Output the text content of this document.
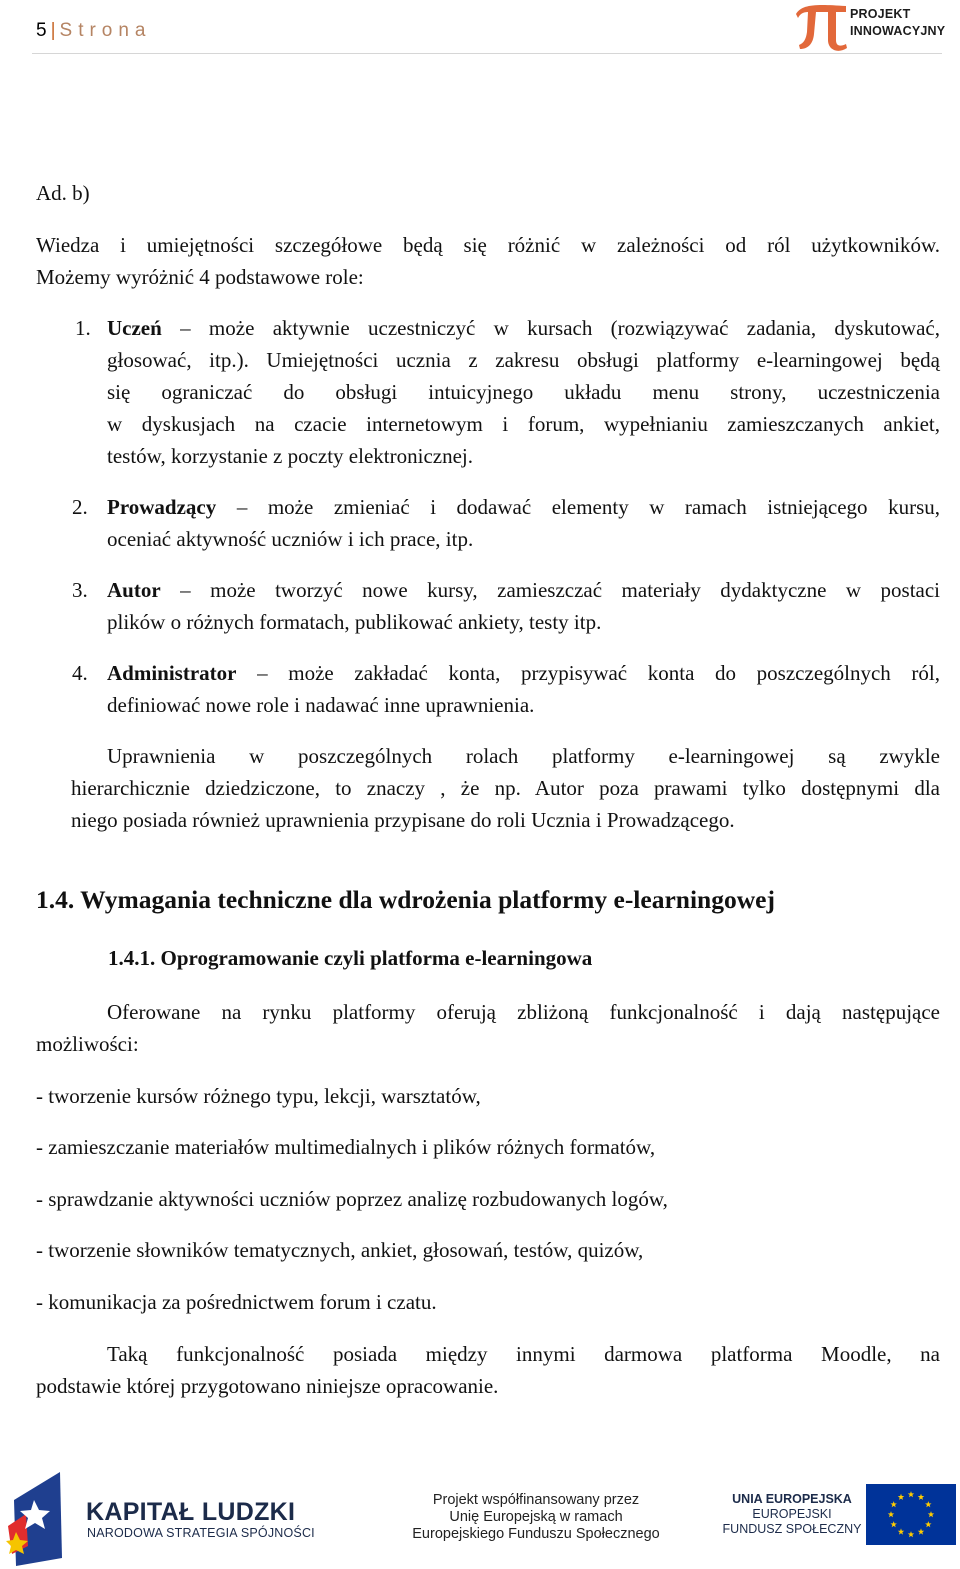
5 | Strona
PROJEKT
INNOWACYJNY
Ad. b)
Wiedza i umiejętności szczegółowe będą się różnić w zależności od ról użytkowników.
Możemy wyróżnić 4 podstawowe role:
1. Uczeń – może aktywnie uczestniczyć w kursach (rozwiązywać zadania, dyskutować,
głosować, itp.). Umiejętności ucznia z zakresu obsługi platformy e-learningowej będą
się ograniczać do obsługi intuicyjnego układu menu strony, uczestniczenia
w dyskusjach na czacie internetowym i forum, wypełnianiu zamieszczanych ankiet,
testów, korzystanie z poczty elektronicznej.
2. Prowadzący – może zmieniać i dodawać elementy w ramach istniejącego kursu,
oceniać aktywność uczniów i ich prace, itp.
3. Autor – może tworzyć nowe kursy, zamieszczać materiały dydaktyczne w postaci
plików o różnych formatach, publikować ankiety, testy itp.
4. Administrator – może zakładać konta, przypisywać konta do poszczególnych ról,
definiować nowe role i nadawać inne uprawnienia.
Uprawnienia w poszczególnych rolach platformy e-learningowej są zwykle
hierarchicznie dziedziczone, to znaczy , że np. Autor poza prawami tylko dostępnymi dla
niego posiada również uprawnienia przypisane do roli Ucznia i Prowadzącego.
1.4. Wymagania techniczne dla wdrożenia platformy e-learningowej
1.4.1. Oprogramowanie czyli platforma e-learningowa
Oferowane na rynku platformy oferują zbliżoną funkcjonalność i dają następujące
możliwości:
- tworzenie kursów różnego typu, lekcji, warsztatów,
- zamieszczanie materiałów multimedialnych i plików różnych formatów,
- sprawdzanie aktywności uczniów poprzez analizę rozbudowanych logów,
- tworzenie słowników tematycznych, ankiet, głosowań, testów, quizów,
- komunikacja za pośrednictwem forum i czatu.
Taką funkcjonalność posiada między innymi darmowa platforma Moodle, na
podstawie której przygotowano niniejsze opracowanie.
KAPITAŁ LUDZKI
NARODOWA STRATEGIA SPÓJNOŚCI
Projekt współfinansowany przez
Unię Europejską w ramach
Europejskiego Funduszu Społecznego
UNIA EUROPEJSKA
EUROPEJSKI
FUNDUSZ SPOŁECZNY
